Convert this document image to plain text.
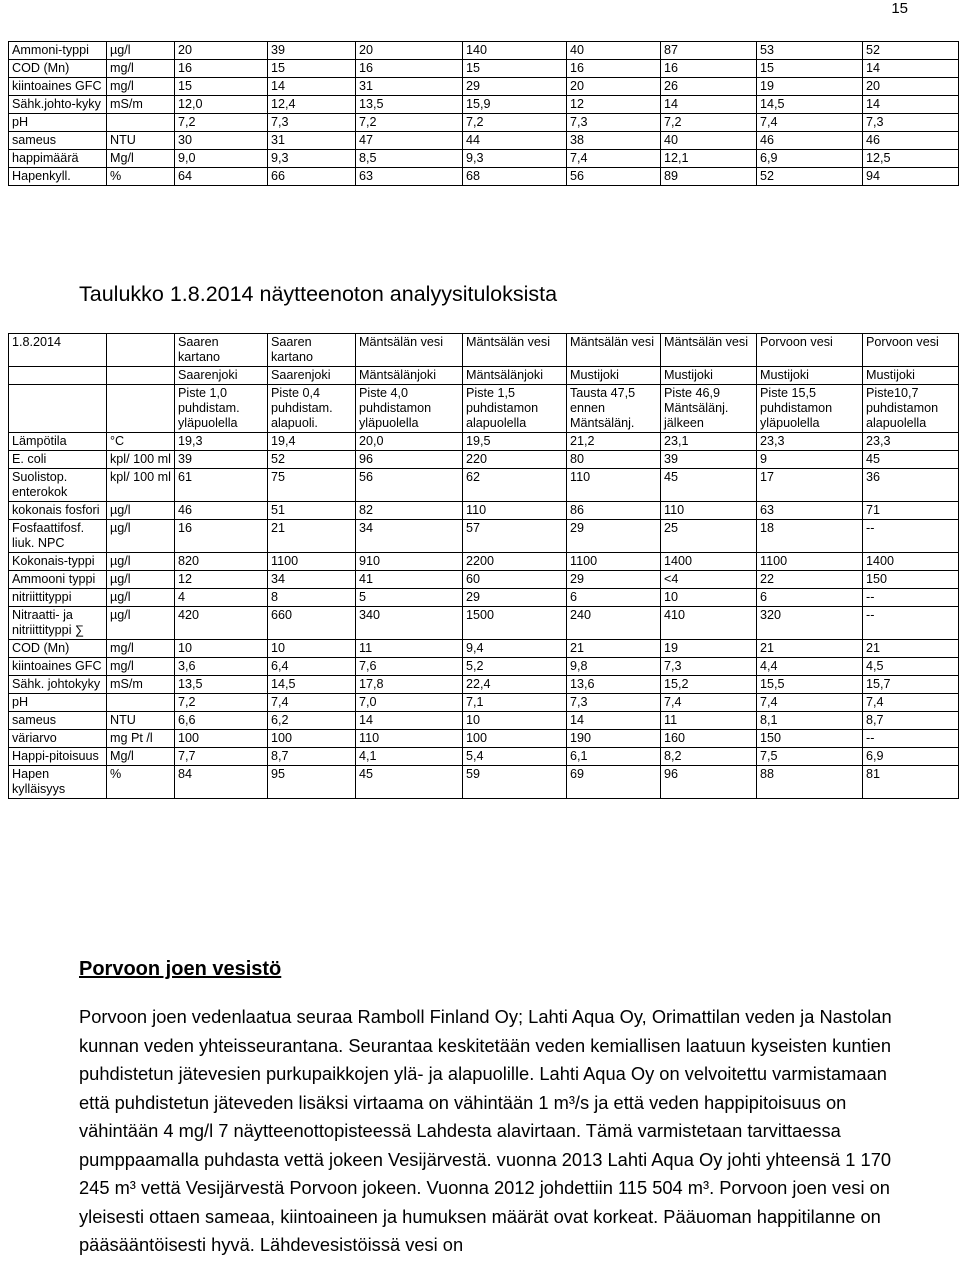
15
Ammoni-typpi	µg/l	20	39	20	140	40	87	53	52
COD (Mn)	mg/l	16	15	16	15	16	16	15	14
kiintoaines GFC	mg/l	15	14	31	29	20	26	19	20
Sähk.johto-kyky	mS/m	12,0	12,4	13,5	15,9	12	14	14,5	14
pH		7,2	7,3	7,2	7,2	7,3	7,2	7,4	7,3
sameus	NTU	30	31	47	44	38	40	46	46
happimäärä	Mg/l	9,0	9,3	8,5	9,3	7,4	12,1	6,9	12,5
Hapenkyll.	%	64	66	63	68	56	89	52	94
Taulukko 1.8.2014 näytteenoton analyysituloksista
1.8.2014		Saaren kartano	Saaren kartano	Mäntsälän vesi	Mäntsälän vesi	Mäntsälän vesi	Mäntsälän vesi	Porvoon vesi	Porvoon vesi
		Saarenjoki	Saarenjoki	Mäntsälänjoki	Mäntsälänjoki	Mustijoki	Mustijoki	Mustijoki	Mustijoki
		Piste 1,0 puhdistam. yläpuolella	Piste 0,4 puhdistam. alapuoli.	Piste 4,0 puhdistamon yläpuolella	Piste 1,5 puhdistamon alapuolella	Tausta 47,5 ennen Mäntsälänj.	Piste 46,9 Mäntsälänj. jälkeen	Piste 15,5 puhdistamon yläpuolella	Piste10,7 puhdistamon alapuolella
Lämpötila	°C	19,3	19,4	20,0	19,5	21,2	23,1	23,3	23,3
E. coli	kpl/ 100 ml	39	52	96	220	80	39	9	45
Suolistop. enterokok	kpl/ 100 ml	61	75	56	62	110	45	17	36
kokonais fosfori	µg/l	46	51	82	110	86	110	63	71
Fosfaattifosf. liuk. NPC	µg/l	16	21	34	57	29	25	18	--
Kokonais-typpi	µg/l	820	1100	910	2200	1100	1400	1100	1400
Ammooni typpi	µg/l	12	34	41	60	29	<4	22	150
nitriittityppi	µg/l	4	8	5	29	6	10	6	--
Nitraatti- ja nitriittityppi ∑	µg/l	420	660	340	1500	240	410	320	--
COD (Mn)	mg/l	10	10	11	9,4	21	19	21	21
kiintoaines GFC	mg/l	3,6	6,4	7,6	5,2	9,8	7,3	4,4	4,5
Sähk. johtokyky	mS/m	13,5	14,5	17,8	22,4	13,6	15,2	15,5	15,7
pH		7,2	7,4	7,0	7,1	7,3	7,4	7,4	7,4
sameus	NTU	6,6	6,2	14	10	14	11	8,1	8,7
väriarvo	mg Pt /l	100	100	110	100	190	160	150	--
Happi-pitoisuus	Mg/l	7,7	8,7	4,1	5,4	6,1	8,2	7,5	6,9
Hapen kylläisyys	%	84	95	45	59	69	96	88	81
Porvoon joen vesistö

Porvoon joen vedenlaatua seuraa Ramboll Finland Oy; Lahti Aqua Oy, Orimattilan veden ja Nastolan kunnan veden yhteisseurantana. Seurantaa keskitetään veden kemiallisen laatuun kyseisten kuntien puhdistetun jätevesien purkupaikkojen ylä- ja alapuolille. Lahti Aqua Oy on velvoitettu varmistamaan että puhdistetun jäteveden lisäksi virtaama on vähintään 1 m³/s ja että veden happipitoisuus on vähintään 4 mg/l 7 näytteenottopisteessä Lahdesta alavirtaan. Tämä varmistetaan tarvittaessa pumppaamalla puhdasta vettä jokeen Vesijärvestä. vuonna 2013 Lahti Aqua Oy johti yhteensä 1 170 245 m³ vettä Vesijärvestä Porvoon jokeen. Vuonna 2012 johdettiin 115 504 m³. Porvoon joen vesi on yleisesti ottaen sameaa, kiintoaineen ja humuksen määrät ovat korkeat. Pääuoman happitilanne on pääsääntöisesti hyvä. Lähdevesistöissä vesi on
